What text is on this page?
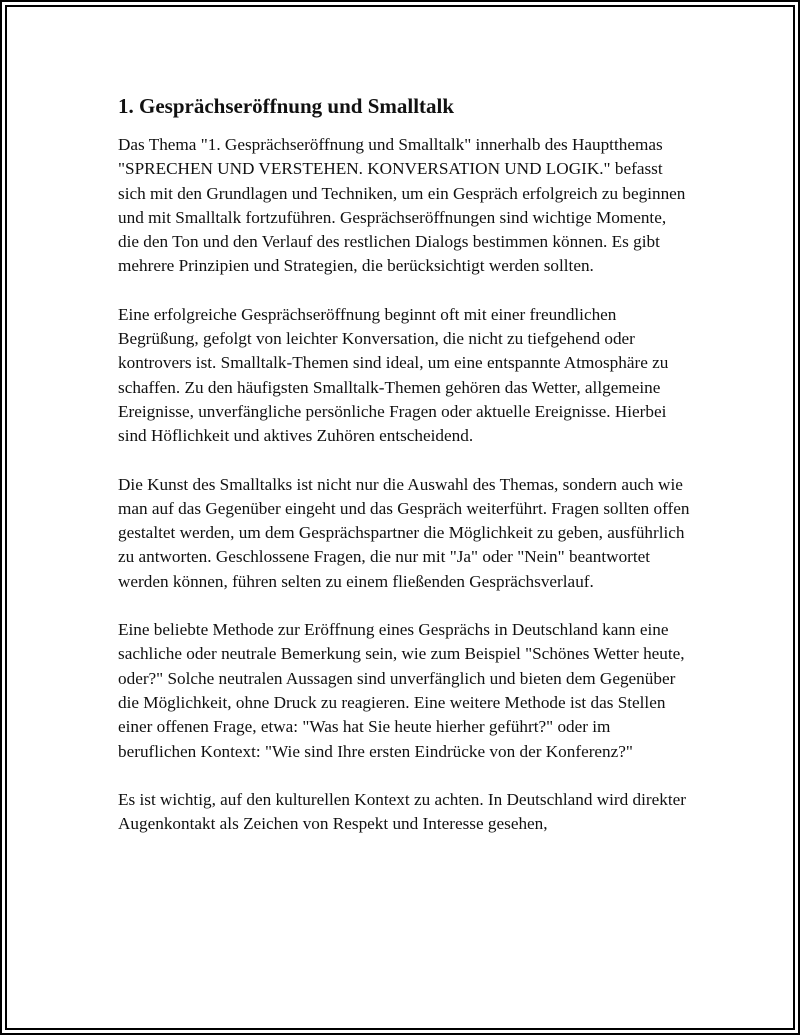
1. Gesprächseröffnung und Smalltalk

Das Thema "1. Gesprächseröffnung und Smalltalk" innerhalb des Hauptthemas "SPRECHEN UND VERSTEHEN. KONVERSATION UND LOGIK." befasst sich mit den Grundlagen und Techniken, um ein Gespräch erfolgreich zu beginnen und mit Smalltalk fortzuführen. Gesprächseröffnungen sind wichtige Momente, die den Ton und den Verlauf des restlichen Dialogs bestimmen können. Es gibt mehrere Prinzipien und Strategien, die berücksichtigt werden sollten.

Eine erfolgreiche Gesprächseröffnung beginnt oft mit einer freundlichen Begrüßung, gefolgt von leichter Konversation, die nicht zu tiefgehend oder kontrovers ist. Smalltalk-Themen sind ideal, um eine entspannte Atmosphäre zu schaffen. Zu den häufigsten Smalltalk-Themen gehören das Wetter, allgemeine Ereignisse, unverfängliche persönliche Fragen oder aktuelle Ereignisse. Hierbei sind Höflichkeit und aktives Zuhören entscheidend.

Die Kunst des Smalltalks ist nicht nur die Auswahl des Themas, sondern auch wie man auf das Gegenüber eingeht und das Gespräch weiterführt. Fragen sollten offen gestaltet werden, um dem Gesprächspartner die Möglichkeit zu geben, ausführlich zu antworten. Geschlossene Fragen, die nur mit "Ja" oder "Nein" beantwortet werden können, führen selten zu einem fließenden Gesprächsverlauf.

Eine beliebte Methode zur Eröffnung eines Gesprächs in Deutschland kann eine sachliche oder neutrale Bemerkung sein, wie zum Beispiel "Schönes Wetter heute, oder?" Solche neutralen Aussagen sind unverfänglich und bieten dem Gegenüber die Möglichkeit, ohne Druck zu reagieren. Eine weitere Methode ist das Stellen einer offenen Frage, etwa: "Was hat Sie heute hierher geführt?" oder im beruflichen Kontext: "Wie sind Ihre ersten Eindrücke von der Konferenz?"

Es ist wichtig, auf den kulturellen Kontext zu achten. In Deutschland wird direkter Augenkontakt als Zeichen von Respekt und Interesse gesehen,
